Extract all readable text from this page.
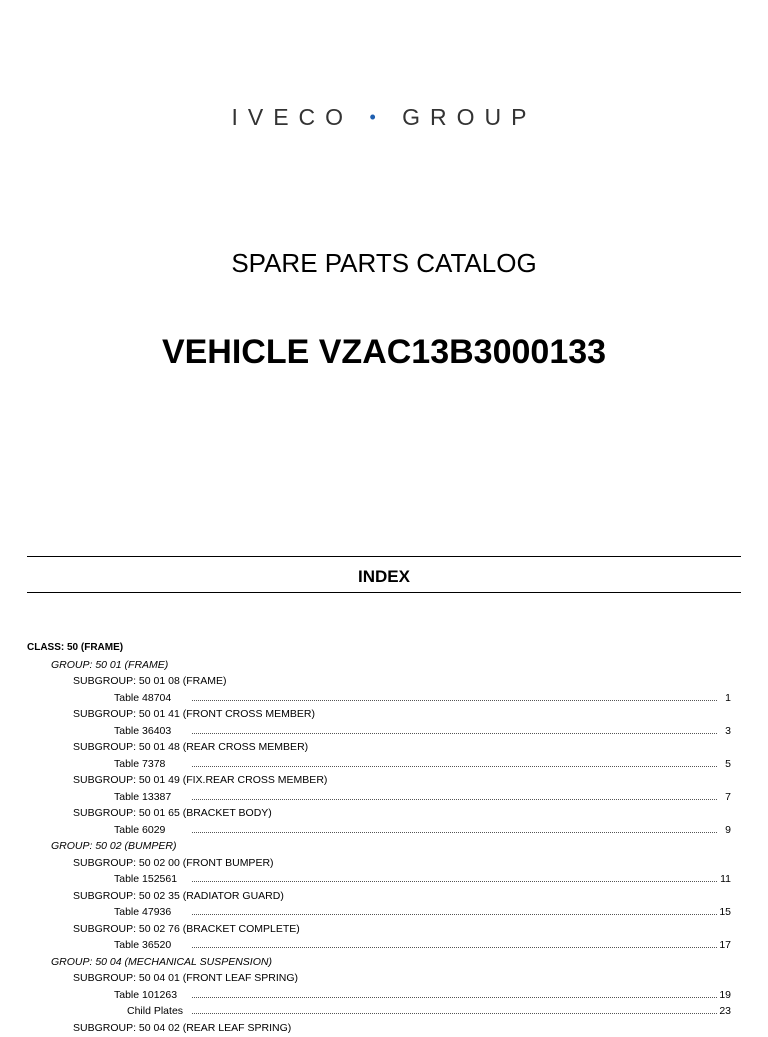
IVECO • GROUP
SPARE PARTS CATALOG
VEHICLE VZAC13B3000133
INDEX
CLASS: 50 (FRAME)
GROUP: 50 01 (FRAME)
SUBGROUP: 50 01 08 (FRAME)
Table 48704	1
SUBGROUP: 50 01 41 (FRONT CROSS MEMBER)
Table 36403	3
SUBGROUP: 50 01 48 (REAR CROSS MEMBER)
Table 7378	5
SUBGROUP: 50 01 49 (FIX.REAR CROSS MEMBER)
Table 13387	7
SUBGROUP: 50 01 65 (BRACKET BODY)
Table 6029	9
GROUP: 50 02 (BUMPER)
SUBGROUP: 50 02 00 (FRONT BUMPER)
Table 152561	11
SUBGROUP: 50 02 35 (RADIATOR GUARD)
Table 47936	15
SUBGROUP: 50 02 76 (BRACKET COMPLETE)
Table 36520	17
GROUP: 50 04 (MECHANICAL SUSPENSION)
SUBGROUP: 50 04 01 (FRONT LEAF SPRING)
Table 101263	19
Child Plates	23
SUBGROUP: 50 04 02 (REAR LEAF SPRING)
